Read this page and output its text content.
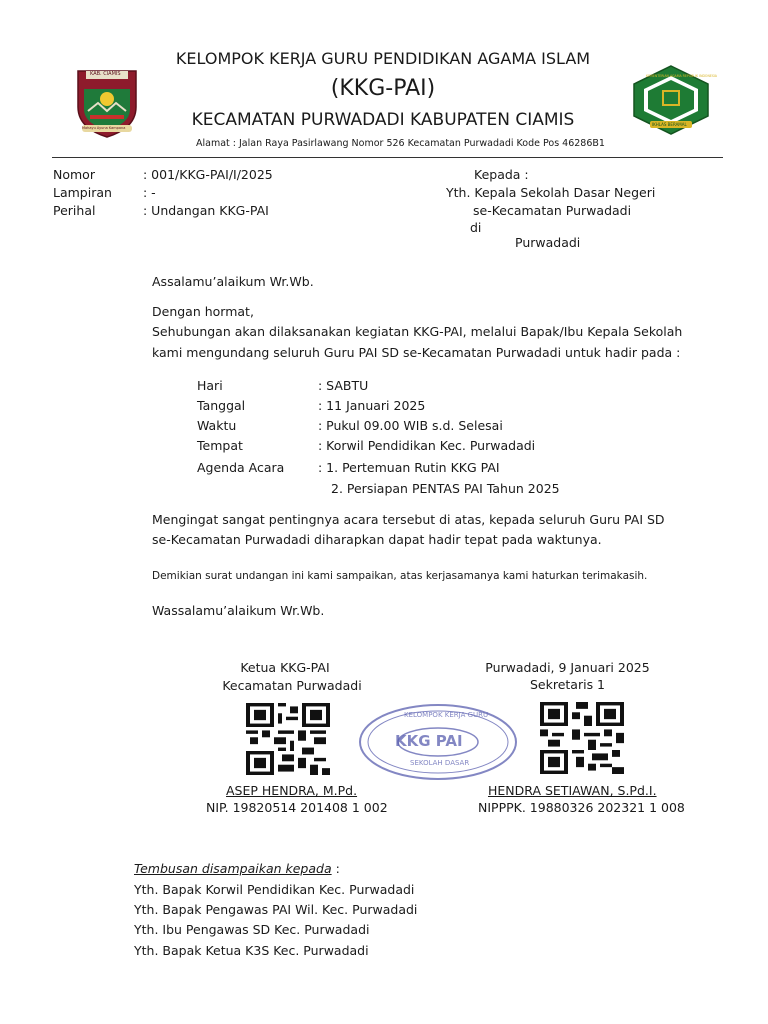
KAB. CIAMIS
Mahayu Ayuna Kampana
KEMENTERIAN AGAMA REPUBLIK INDONESIA
IKHLAS BERAMAL
KELOMPOK KERJA GURU PENDIDIKAN AGAMA ISLAM
(KKG-PAI)
KECAMATAN PURWADADI KABUPATEN CIAMIS
Alamat : Jalan Raya Pasirlawang Nomor 526 Kecamatan Purwadadi Kode Pos 46286B1
Nomor	: 001/KKG-PAI/I/2025
Lampiran : -
Perihal	: Undangan KKG-PAI
Kepada :
Yth. Kepala Sekolah Dasar Negeri
se-Kecamatan Purwadadi
di
Purwadadi
Assalamu’alaikum Wr.Wb.
Dengan hormat,
Sehubungan akan dilaksanakan kegiatan KKG-PAI, melalui Bapak/Ibu Kepala Sekolah
kami mengundang seluruh Guru PAI SD se-Kecamatan Purwadadi untuk hadir pada :
Hari	: SABTU
Tanggal	: 11 Januari 2025
Waktu	: Pukul 09.00 WIB s.d. Selesai
Tempat	: Korwil Pendidikan Kec. Purwadadi
Agenda Acara	: 1. Pertemuan Rutin KKG PAI
2. Persiapan PENTAS PAI Tahun 2025
Mengingat sangat pentingnya acara tersebut di atas, kepada seluruh Guru PAI SD
se-Kecamatan Purwadadi diharapkan dapat hadir tepat pada waktunya.
Demikian surat undangan ini kami sampaikan, atas kerjasamanya kami haturkan terimakasih.
Wassalamu’alaikum Wr.Wb.
Ketua KKG-PAI
Kecamatan Purwadadi
Purwadadi, 9 Januari 2025
Sekretaris 1
KELOMPOK KERJA GURU
KKG PAI
SEKOLAH DASAR
ASEP HENDRA, M.Pd.
NIP. 19820514 201408 1 002
HENDRA SETIAWAN, S.Pd.I.
NIPPPK. 19880326 202321 1 008
Tembusan disampaikan kepada :
Yth. Bapak Korwil Pendidikan Kec. Purwadadi
Yth. Bapak Pengawas PAI Wil. Kec. Purwadadi
Yth. Ibu Pengawas SD Kec. Purwadadi
Yth. Bapak Ketua K3S Kec. Purwadadi
